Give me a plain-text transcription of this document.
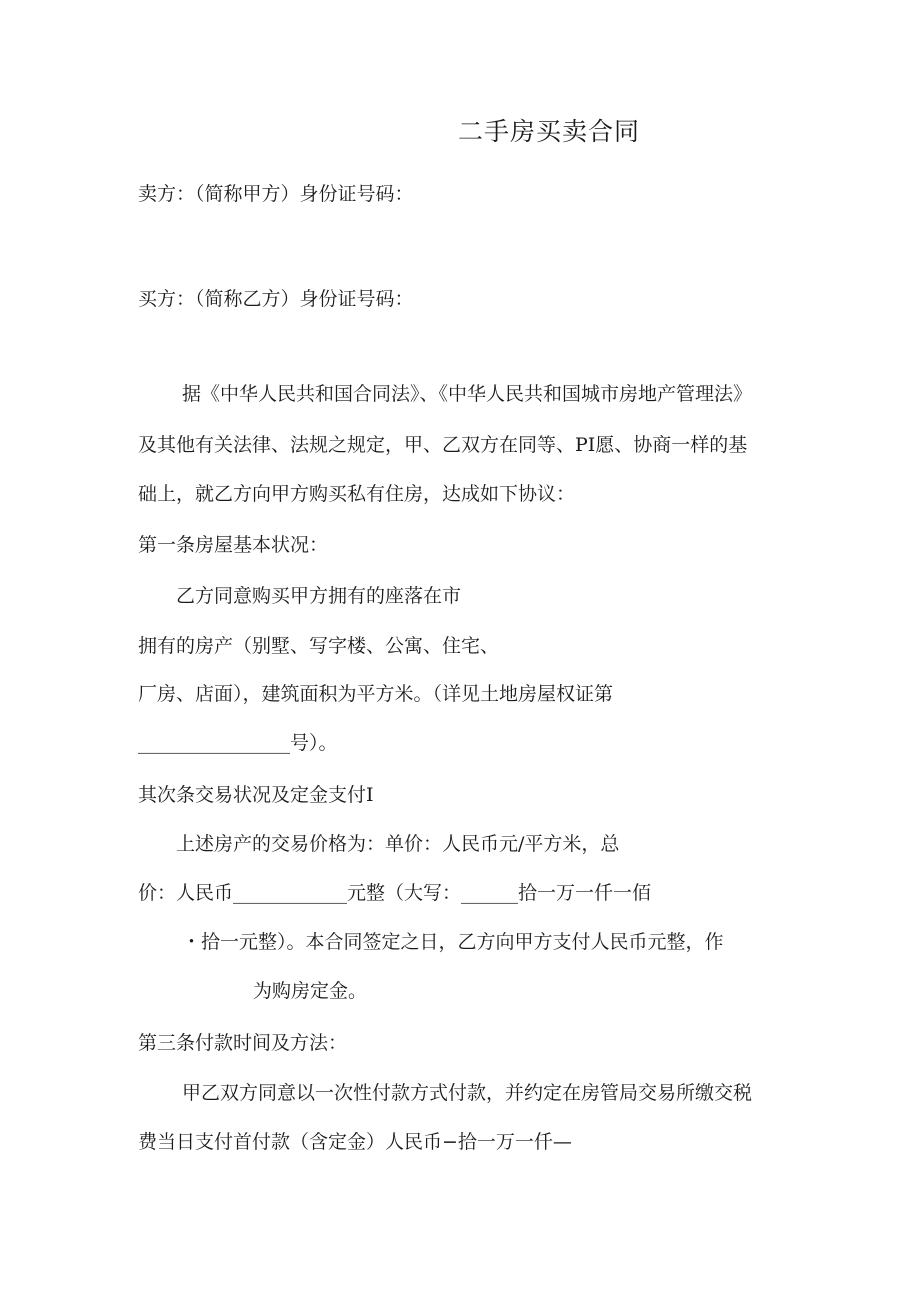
二手房买卖合同
卖方：（简称甲方）身份证号码：
买方：（简称乙方）身份证号码：
据《中华人民共和国合同法》、《中华人民共和国城市房地产管理法》
及其他有关法律、法规之规定，甲、乙双方在同等、PI愿、协商一样的基
础上，就乙方向甲方购买私有住房，达成如下协议：
第一条房屋基本状况：
乙方同意购买甲方拥有的座落在市
拥有的房产（别墅、写字楼、公寓、住宅、
厂房、店面），建筑面积为平方米。（详见土地房屋权证第
________________号）。
其次条交易状况及定金支付I
上述房产的交易价格为：单价：人民币元/平方米，总
价：人民币____________元整（大写：______拾一万一仟一佰
・拾一元整）。本合同签定之日，乙方向甲方支付人民币元整，作
为购房定金。
第三条付款时间及方法：
甲乙双方同意以一次性付款方式付款，并约定在房管局交易所缴交税
费当日支付首付款（含定金）人民币−拾一万一仟—
